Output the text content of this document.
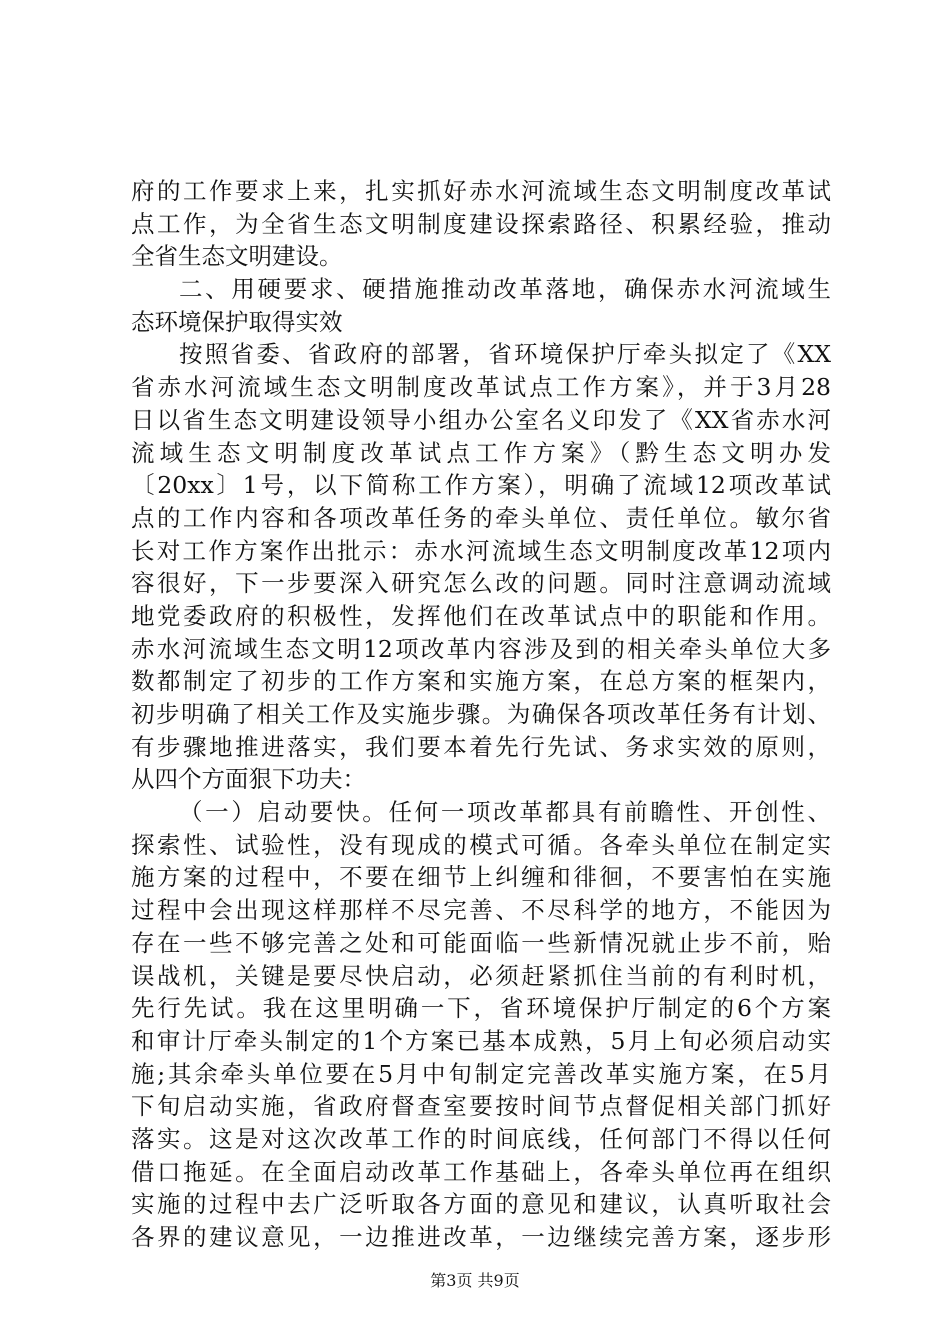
府的工作要求上来，扎实抓好赤水河流域生态文明制度改革试
点工作，为全省生态文明制度建设探索路径、积累经验，推动
全省生态文明建设。
二、用硬要求、硬措施推动改革落地，确保赤水河流域生
态环境保护取得实效
按照省委、省政府的部署，省环境保护厅牵头拟定了《XX
省赤水河流域生态文明制度改革试点工作方案》，并于3月28
日以省生态文明建设领导小组办公室名义印发了《XX省赤水河
流域生态文明制度改革试点工作方案》（黔生态文明办发
〔20xx〕1号，以下简称工作方案），明确了流域12项改革试
点的工作内容和各项改革任务的牵头单位、责任单位。敏尔省
长对工作方案作出批示：赤水河流域生态文明制度改革12项内
容很好，下一步要深入研究怎么改的问题。同时注意调动流域
地党委政府的积极性，发挥他们在改革试点中的职能和作用。
赤水河流域生态文明12项改革内容涉及到的相关牵头单位大多
数都制定了初步的工作方案和实施方案，在总方案的框架内，
初步明确了相关工作及实施步骤。为确保各项改革任务有计划、
有步骤地推进落实，我们要本着先行先试、务求实效的原则，
从四个方面狠下功夫：
（一）启动要快。任何一项改革都具有前瞻性、开创性、
探索性、试验性，没有现成的模式可循。各牵头单位在制定实
施方案的过程中，不要在细节上纠缠和徘徊，不要害怕在实施
过程中会出现这样那样不尽完善、不尽科学的地方，不能因为
存在一些不够完善之处和可能面临一些新情况就止步不前，贻
误战机，关键是要尽快启动，必须赶紧抓住当前的有利时机，
先行先试。我在这里明确一下，省环境保护厅制定的6个方案
和审计厅牵头制定的1个方案已基本成熟，5月上旬必须启动实
施;其余牵头单位要在5月中旬制定完善改革实施方案，在5月
下旬启动实施，省政府督查室要按时间节点督促相关部门抓好
落实。这是对这次改革工作的时间底线，任何部门不得以任何
借口拖延。在全面启动改革工作基础上，各牵头单位再在组织
实施的过程中去广泛听取各方面的意见和建议，认真听取社会
各界的建议意见，一边推进改革，一边继续完善方案，逐步形
第3页 共9页
